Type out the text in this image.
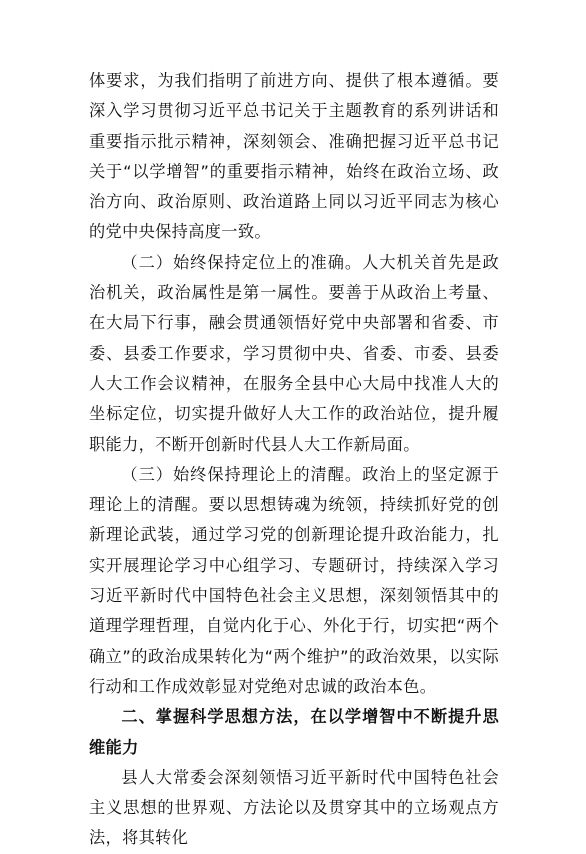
体要求，为我们指明了前进方向、提供了根本遵循。要深入学习贯彻习近平总书记关于主题教育的系列讲话和重要指示批示精神，深刻领会、准确把握习近平总书记关于“以学增智”的重要指示精神，始终在政治立场、政治方向、政治原则、政治道路上同以习近平同志为核心的党中央保持高度一致。

（二）始终保持定位上的准确。人大机关首先是政治机关，政治属性是第一属性。要善于从政治上考量、在大局下行事，融会贯通领悟好党中央部署和省委、市委、县委工作要求，学习贯彻中央、省委、市委、县委人大工作会议精神，在服务全县中心大局中找准人大的坐标定位，切实提升做好人大工作的政治站位，提升履职能力，不断开创新时代县人大工作新局面。

（三）始终保持理论上的清醒。政治上的坚定源于理论上的清醒。要以思想铸魂为统领，持续抓好党的创新理论武装，通过学习党的创新理论提升政治能力，扎实开展理论学习中心组学习、专题研讨，持续深入学习习近平新时代中国特色社会主义思想，深刻领悟其中的道理学理哲理，自觉内化于心、外化于行，切实把“两个确立”的政治成果转化为“两个维护”的政治效果，以实际行动和工作成效彰显对党绝对忠诚的政治本色。

二、掌握科学思想方法，在以学增智中不断提升思维能力

县人大常委会深刻领悟习近平新时代中国特色社会主义思想的世界观、方法论以及贯穿其中的立场观点方法，将其转化
